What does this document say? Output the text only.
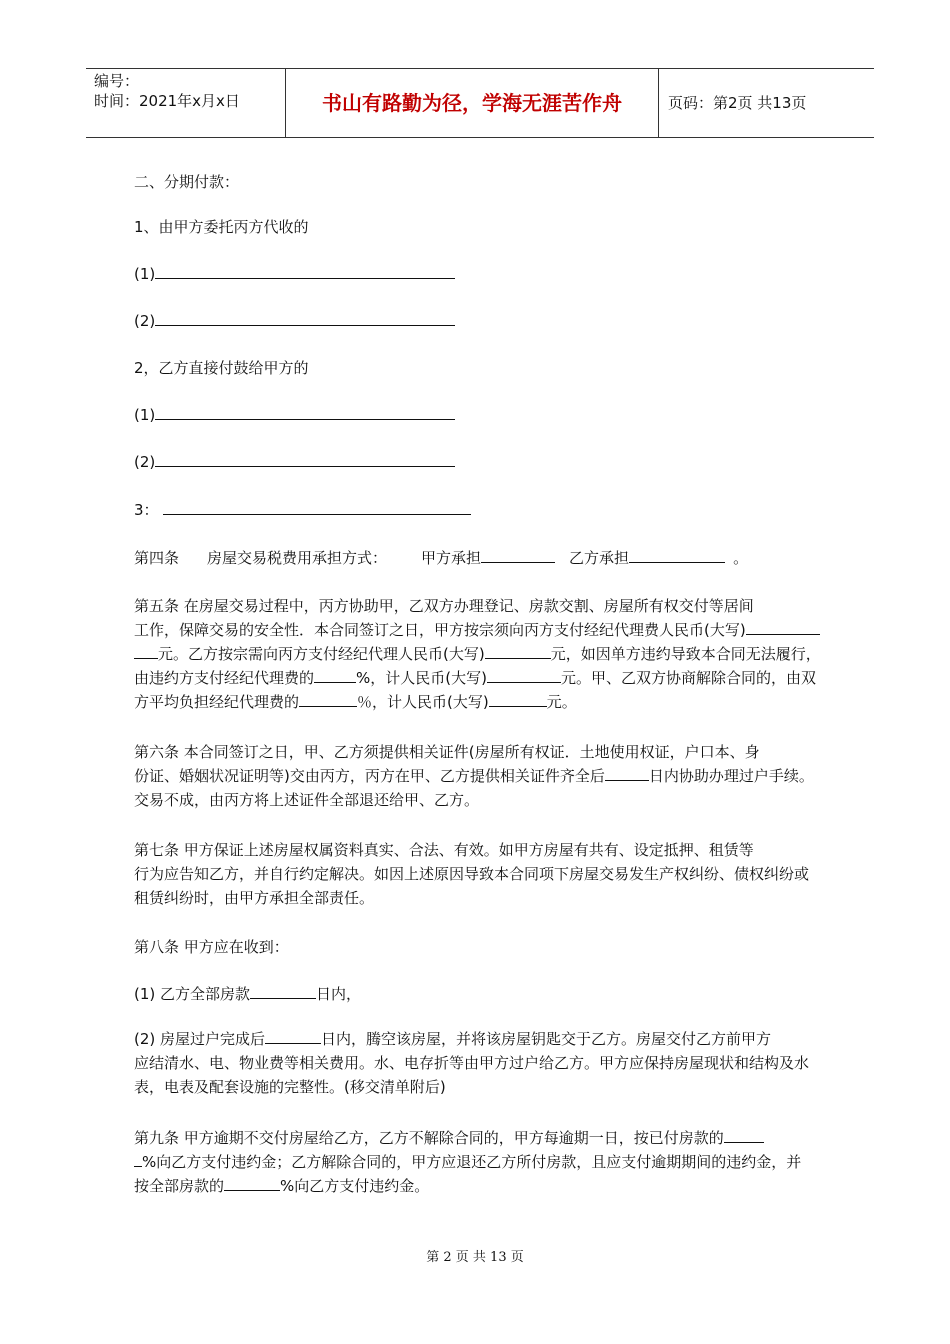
编号：
时间：2021年x月x日	书山有路勤为径，学海无涯苦作舟	页码：第2页 共13页
二、分期付款：
1、由甲方委托丙方代收的
(1)
(2)
2，乙方直接付鼓给甲方的
(1)
(2)
3：
第四条 房屋交易税费用承担方式： 甲方承担	乙方承担	。
第五条 在房屋交易过程中，丙方协助甲，乙双方办理登记、房款交割、房屋所有权交付等居间
工作，保障交易的安全性．本合同签订之日，甲方按宗须向丙方支付经纪代理费人民币(大写)
元。乙方按宗需向丙方支付经纪代理人民币(大写)	元，如因单方违约导致本合同无法履行，
由违约方支付经纪代理费的	%，计人民币(大写)	元。甲、乙双方协商解除合同的，由双
方平均负担经纪代理费的	％，计人民币(大写)	元。
第六条 本合同签订之日，甲、乙方须提供相关证件(房屋所有权证．土地使用权证，户口本、身
份证、婚姻状况证明等)交由丙方，丙方在甲、乙方提供相关证件齐全后	日内协助办理过户手续。
交易不成，由丙方将上述证件全部退还给甲、乙方。
第七条 甲方保证上述房屋权属资料真实、合法、有效。如甲方房屋有共有、设定抵押、租赁等
行为应告知乙方，并自行约定解决。如因上述原因导致本合同项下房屋交易发生产权纠纷、债权纠纷或
租赁纠纷时，由甲方承担全部责任。
第八条 甲方应在收到：
(1) 乙方全部房款	日内，
(2) 房屋过户完成后	日内，腾空该房屋，并将该房屋钥匙交于乙方。房屋交付乙方前甲方
应结清水、电、物业费等相关费用。水、电存折等由甲方过户给乙方。甲方应保持房屋现状和结构及水
表，电表及配套设施的完整性。(移交清单附后)
第九条 甲方逾期不交付房屋给乙方，乙方不解除合同的，甲方每逾期一日，按已付房款的
%向乙方支付违约金；乙方解除合同的，甲方应退还乙方所付房款，且应支付逾期期间的违约金，并
按全部房款的	%向乙方支付违约金。
第 2 页 共 13 页
